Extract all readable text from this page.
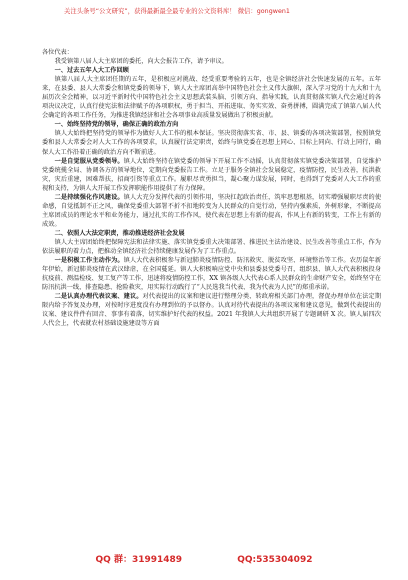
关注头条号“公文研究”，获得最新最全最专业的公文资料库！ 微信：gongwen1

各位代表：

我受镇第八届人大主席团的委托，向大会报告工作，请予审议。

一、过去五年人大工作回顾

镇第八届人大主席团任期的五年，是积极应对挑战、经受重要考验的五年，也是全镇经济社会快速发展的五年。五年来，在县委、县人大常委会和镇党委的领导下，镇人大主席团高举中国特色社会主义伟大旗帜，深入学习党的十九大和十九届历次全会精神，以习近平新时代中国特色社会主义思想武装头脑、引领方向、指导实践，认真贯彻落实镇人代会通过的各项决议决定，认真行使宪法和法律赋予的各项职权，勇于担当、开拓进取、务实实效、奋勇拼搏，圆满完成了镇第八届人代会确定的各项工作任务，为推进我镇经济和社会各项事业高质量发展做出了积极贡献。

一、始终坚持党的领导，确保正确的政治方向

镇人大始终把坚持党的领导作为做好人大工作的根本保证。坚决贯彻落实省、市、县、镇委的各项决策部署，按照镇党委和县人大常委会对人大工作的各项要求，认真履行法定职责，始终与镇党委在思想上同心、目标上同向、行动上同行，确保人大工作沿着正确的政治方向不断前进。

一是自觉服从党委领导。镇人大始终坚持在镇党委的领导下开展工作不动摇，认真贯彻落实镇党委决策部署，自觉维护党委统揽全局、协调各方的领导地位，定期向党委报告工作。立足于服务全镇社会发展稳定，疫情防控，民生改善，抗洪救灾，灾后重建，困难帮扶，招商引资等重点工作。履职尽责勇担当，凝心聚力谋发展，同时，也得到了党委对人大工作的重视和支持，为镇人大开展工作发挥职能作用提供了有力保障。

二是持续强化作风建设。镇人大充分发挥代表的引领作用，坚决扛起政治责任，筑牢思想根基，切实增强履职尽责的使命感，自觉抵制不正之风，确保党委重大部署不折不扣地转变为人民群众的自觉行动，坚持内强素质，外树形象，不断提高主席团成员的理论水平和业务能力，通过扎实的工作作风，使代表在思想上有新的提高，作风上有新的转变，工作上有新的成效。

二、依照人大法定职责，推动推进经济社会发展

镇人大主席团始终把保障宪法和法律实施、落实镇党委重大决策部署、推进民主法治建设、民生改善等重点工作，作为依法履职的着力点，把推动全镇经济社会持续健康发展作为了工作重点。

一是积极工作主动作为。镇人大代表积极参与新冠肺炎疫情防控、防汛救灾、脱贫攻坚、环境整治等工作。农历鼠年新年伊始，新冠肺炎疫情在武汉肆虐，在全国蔓延。镇人大积极响应党中央和县委县党委号召，组织县、镇人大代表积极投身抗疫前、测温检疫、复工复产等工作，迅速将疫情防控工作，XX 镇各级人大代表心系人民群众的生命财产安全，始终坚守在防汛抗洪一线，排查隐患、抢险救灾，用实际行动践行了“人民选我当代表、我为代表为人民”的郑重承诺。

二是认真办理代表议案、建议。对代表提出的议案和建议进行整理分类、转政府相关部门办理，督促办理单位在法定期限内给予答复及办理，对按时序进度没有办理到位的予以督办。认真对待代表提出的各项议案和建议意见，做到代表提出的议案、建议件件有回音、事事有着落，切实维护好代表的权益。2021 年我镇人大共组织开展了专题调研 X 次。镇人届四次人代会上，代表就农村基础设施建设等方面

QQ 群：31991489	QQ:535304092
